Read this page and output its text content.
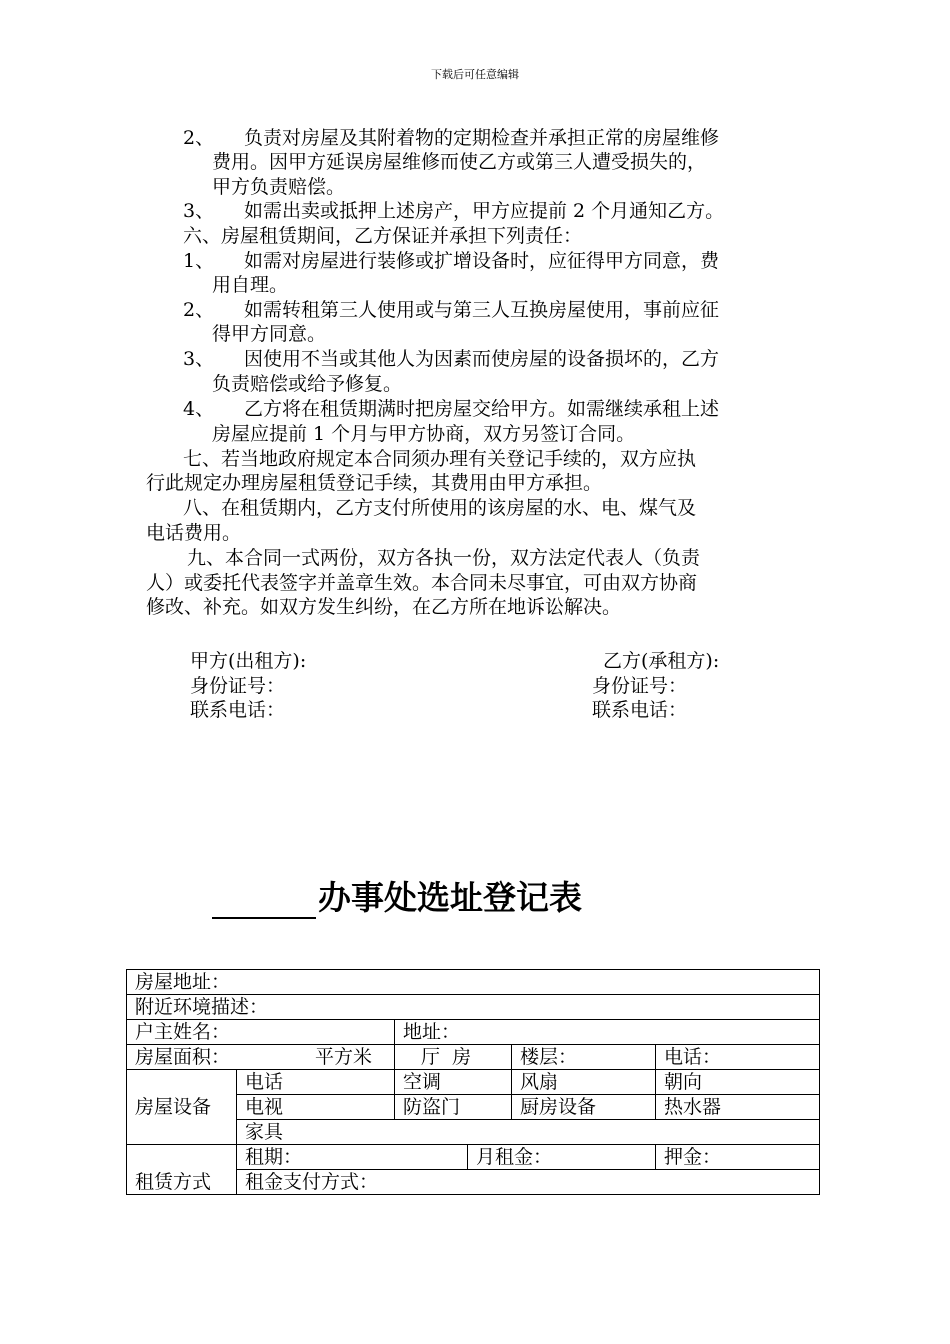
下载后可任意编辑
2、 负责对房屋及其附着物的定期检查并承担正常的房屋维修
费用。因甲方延误房屋维修而使乙方或第三人遭受损失的，
甲方负责赔偿。
3、 如需出卖或抵押上述房产，甲方应提前 2 个月通知乙方。
六、房屋租赁期间，乙方保证并承担下列责任：
1、 如需对房屋进行装修或扩增设备时，应征得甲方同意，费
用自理。
2、 如需转租第三人使用或与第三人互换房屋使用，事前应征
得甲方同意。
3、 因使用不当或其他人为因素而使房屋的设备损坏的，乙方
负责赔偿或给予修复。
4、 乙方将在租赁期满时把房屋交给甲方。如需继续承租上述
房屋应提前 1 个月与甲方协商，双方另签订合同。
七、若当地政府规定本合同须办理有关登记手续的，双方应执
行此规定办理房屋租赁登记手续，其费用由甲方承担。
八、在租赁期内，乙方支付所使用的该房屋的水、电、煤气及
电话费用。
九、本合同一式两份，双方各执一份，双方法定代表人（负责
人）或委托代表签字并盖章生效。本合同未尽事宜，可由双方协商
修改、补充。如双方发生纠纷，在乙方所在地诉讼解决。
甲方(出租方):
身份证号：
联系电话：
乙方(承租方):
身份证号：
联系电话：
办事处选址登记表
房屋地址：					
附近环境描述：					
户主姓名：		地址：			
房屋面积： 平方米		厅  房		楼层：	电话：
房屋设备	电话	空调		风扇	朝向
	电视	防盗门		厨房设备	热水器
	家具				
租赁方式	租期：		月租金：		押金：
	租金支付方式：				
